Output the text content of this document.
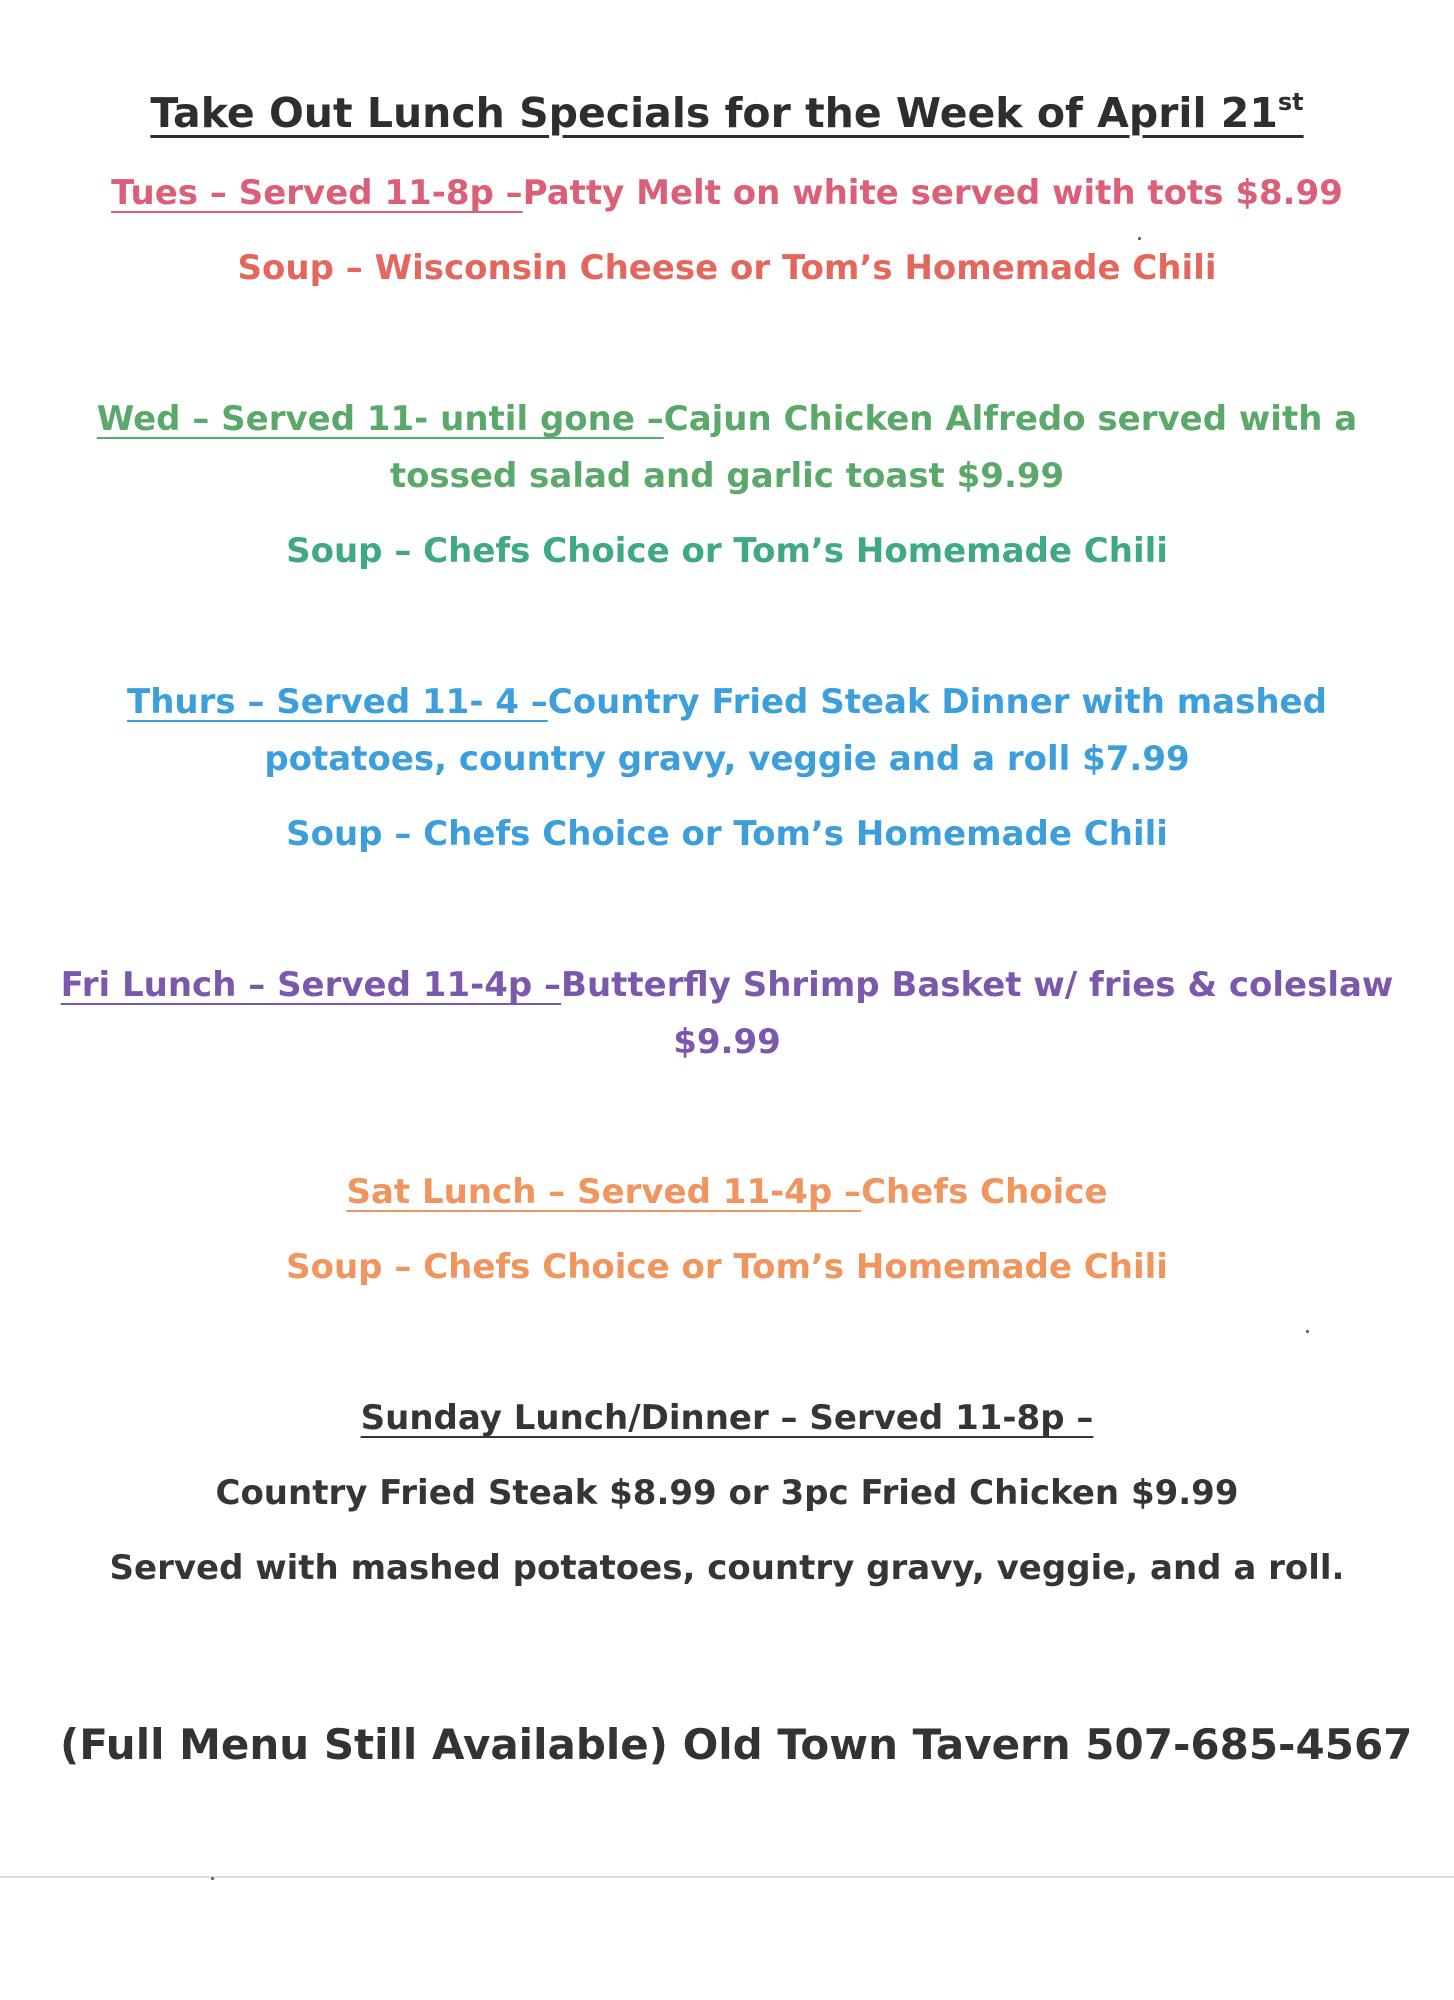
Take Out Lunch Specials for the Week of April 21st
Tues – Served 11-8p –Patty Melt on white served with tots $8.99
Soup – Wisconsin Cheese or Tom’s Homemade Chili
Wed – Served 11- until gone –Cajun Chicken Alfredo served with a
tossed salad and garlic toast $9.99
Soup – Chefs Choice or Tom’s Homemade Chili
Thurs – Served 11- 4 –Country Fried Steak Dinner with mashed
potatoes, country gravy, veggie and a roll $7.99
Soup – Chefs Choice or Tom’s Homemade Chili
Fri Lunch – Served 11-4p –Butterfly Shrimp Basket w/ fries & coleslaw
$9.99
Sat Lunch – Served 11-4p –Chefs Choice
Soup – Chefs Choice or Tom’s Homemade Chili
Sunday Lunch/Dinner – Served 11-8p –
Country Fried Steak $8.99 or 3pc Fried Chicken $9.99
Served with mashed potatoes, country gravy, veggie, and a roll.
(Full Menu Still Available) Old Town Tavern 507-685-4567
